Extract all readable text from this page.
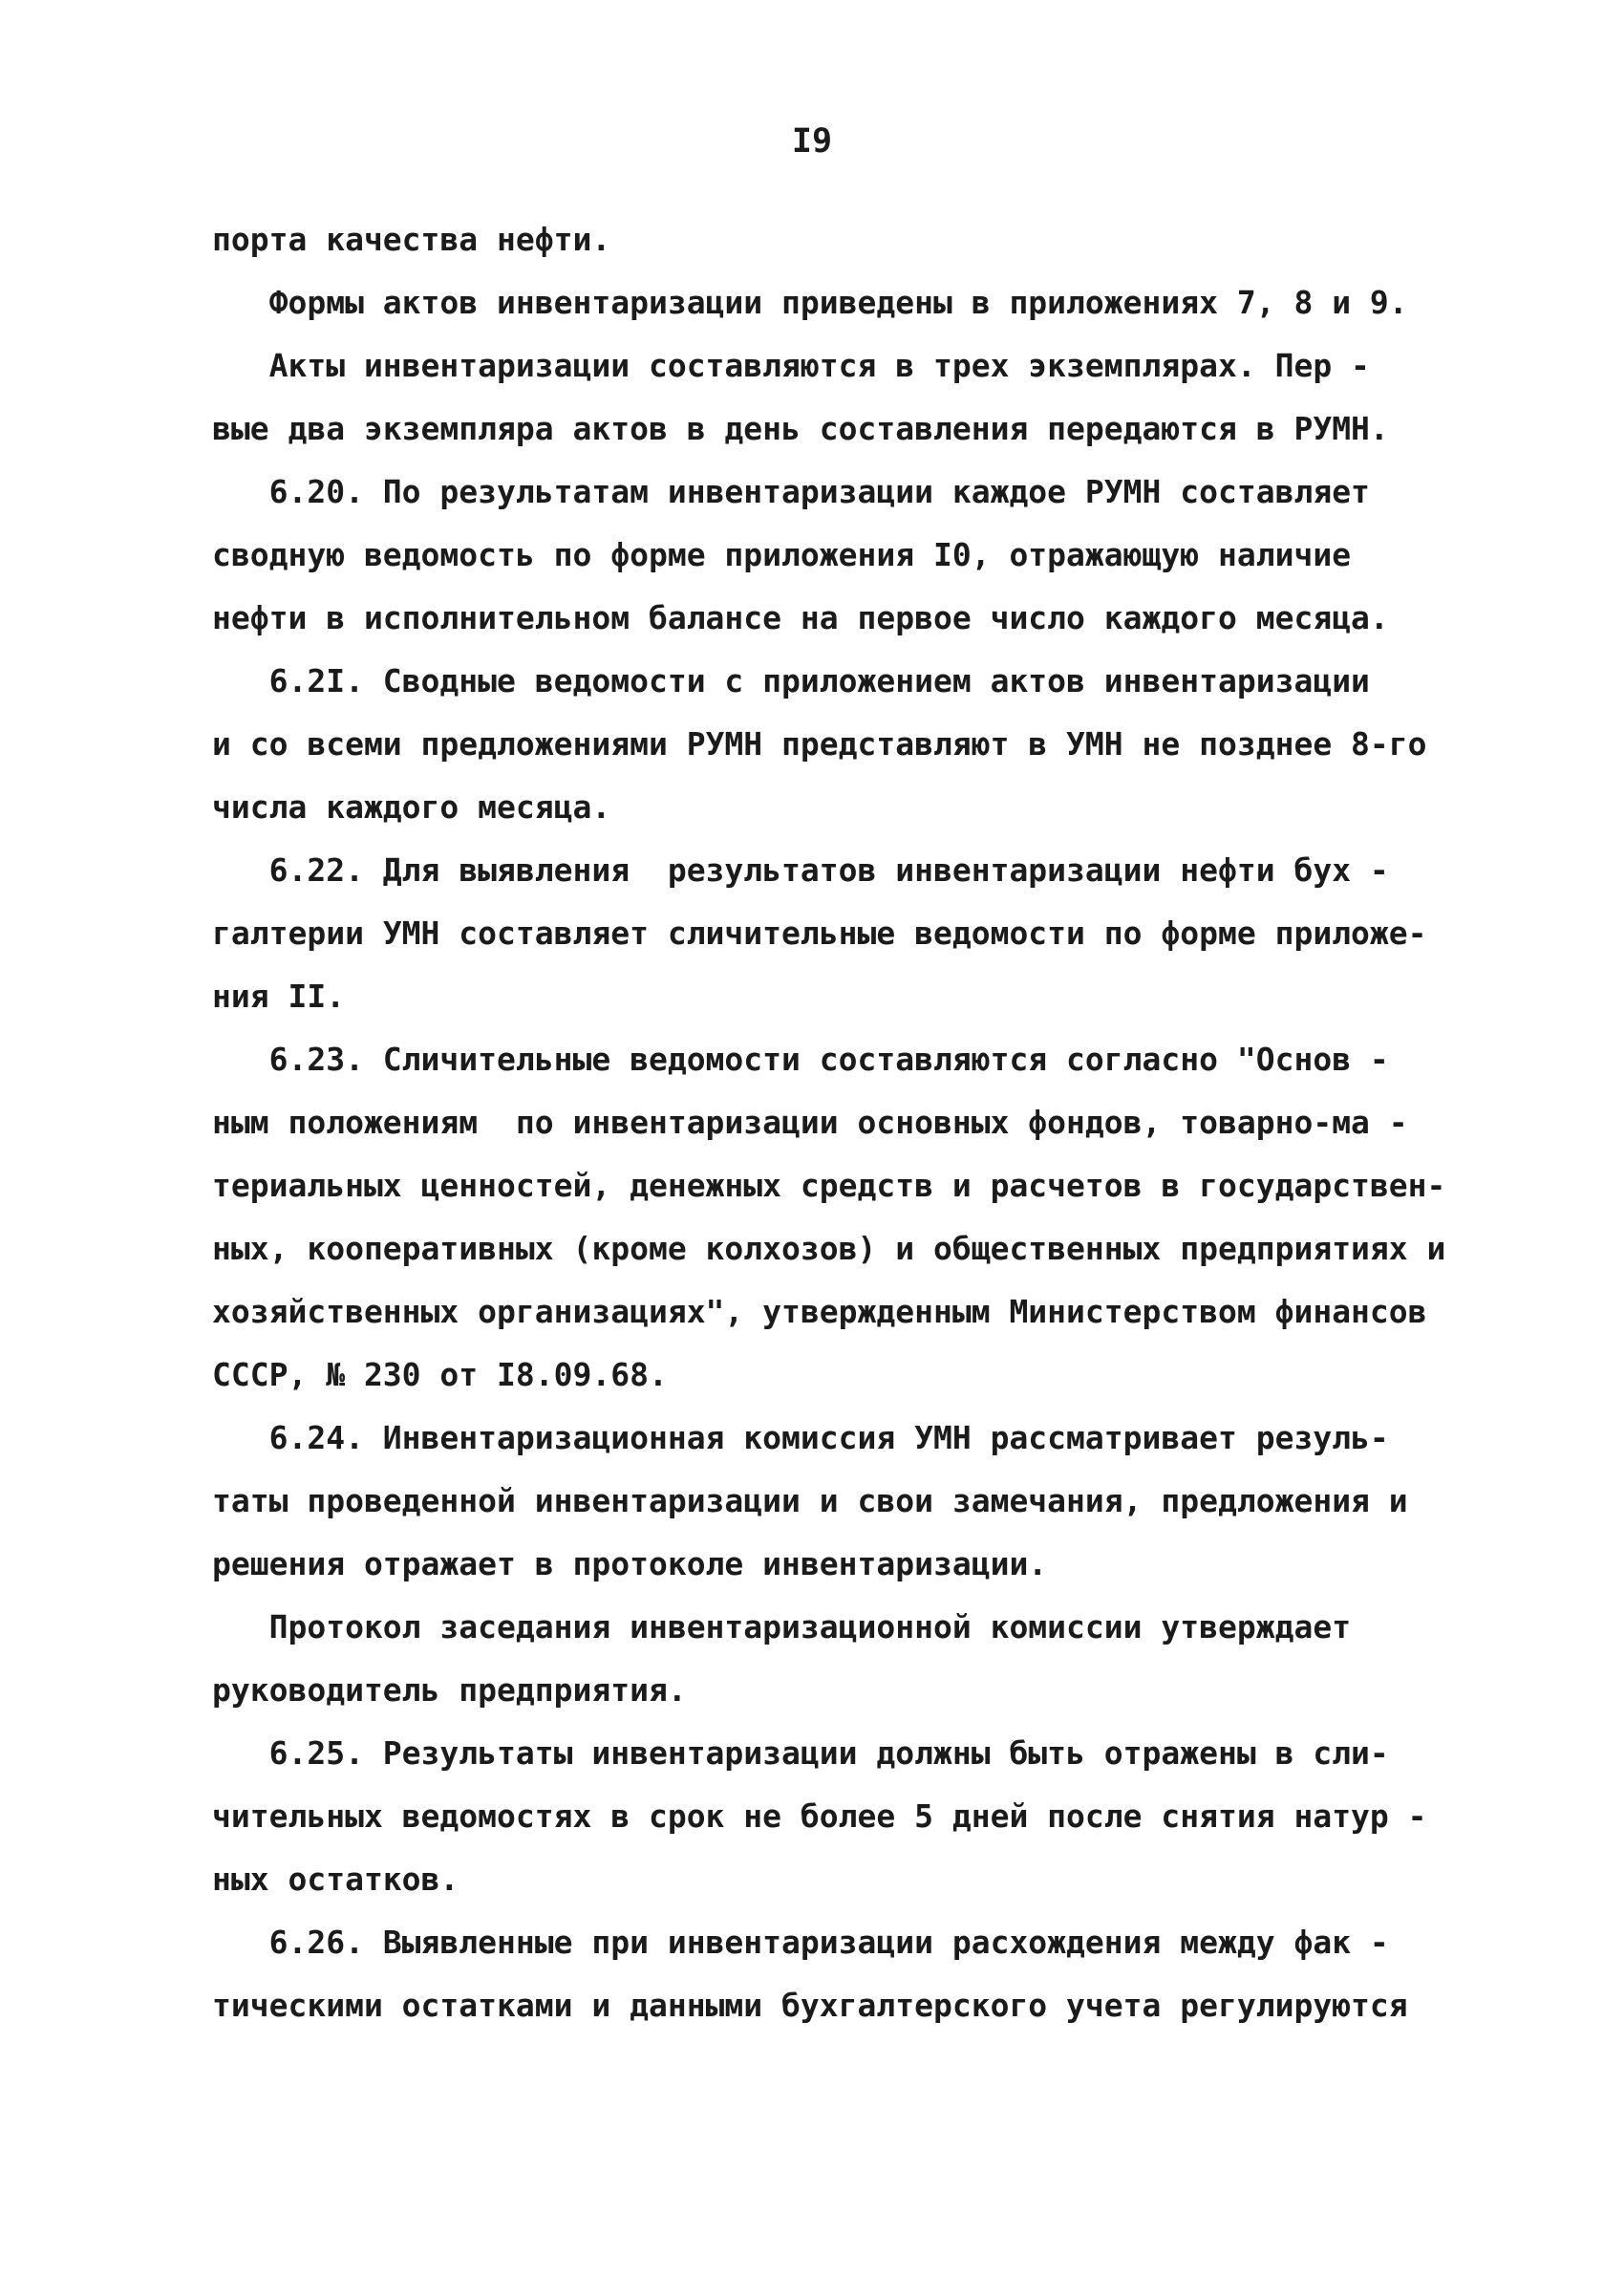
I9
порта качества нефти.
Формы актов инвентаризации приведены в приложениях 7, 8 и 9.
Акты инвентаризации составляются в трех экземплярах. Пер -
вые два экземпляра актов в день составления передаются в РУМН.
6.20. По результатам инвентаризации каждое РУМН составляет
сводную ведомость по форме приложения I0, отражающую наличие
нефти в исполнительном балансе на первое число каждого месяца.
6.2I. Сводные ведомости с приложением актов инвентаризации
и со всеми предложениями РУМН представляют в УМН не позднее 8-го
числа каждого месяца.
6.22. Для выявления  результатов инвентаризации нефти бух -
галтерии УМН составляет сличительные ведомости по форме приложе-
ния II.
6.23. Сличительные ведомости составляются согласно "Основ -
ным положениям  по инвентаризации основных фондов, товарно-ма -
териальных ценностей, денежных средств и расчетов в государствен-
ных, кооперативных (кроме колхозов) и общественных предприятиях и
хозяйственных организациях", утвержденным Министерством финансов
СССР, № 230 от I8.09.68.
6.24. Инвентаризационная комиссия УМН рассматривает резуль-
таты проведенной инвентаризации и свои замечания, предложения и
решения отражает в протоколе инвентаризации.
Протокол заседания инвентаризационной комиссии утверждает
руководитель предприятия.
6.25. Результаты инвентаризации должны быть отражены в сли-
чительных ведомостях в срок не более 5 дней после снятия натур -
ных остатков.
6.26. Выявленные при инвентаризации расхождения между фак -
тическими остатками и данными бухгалтерского учета регулируются
